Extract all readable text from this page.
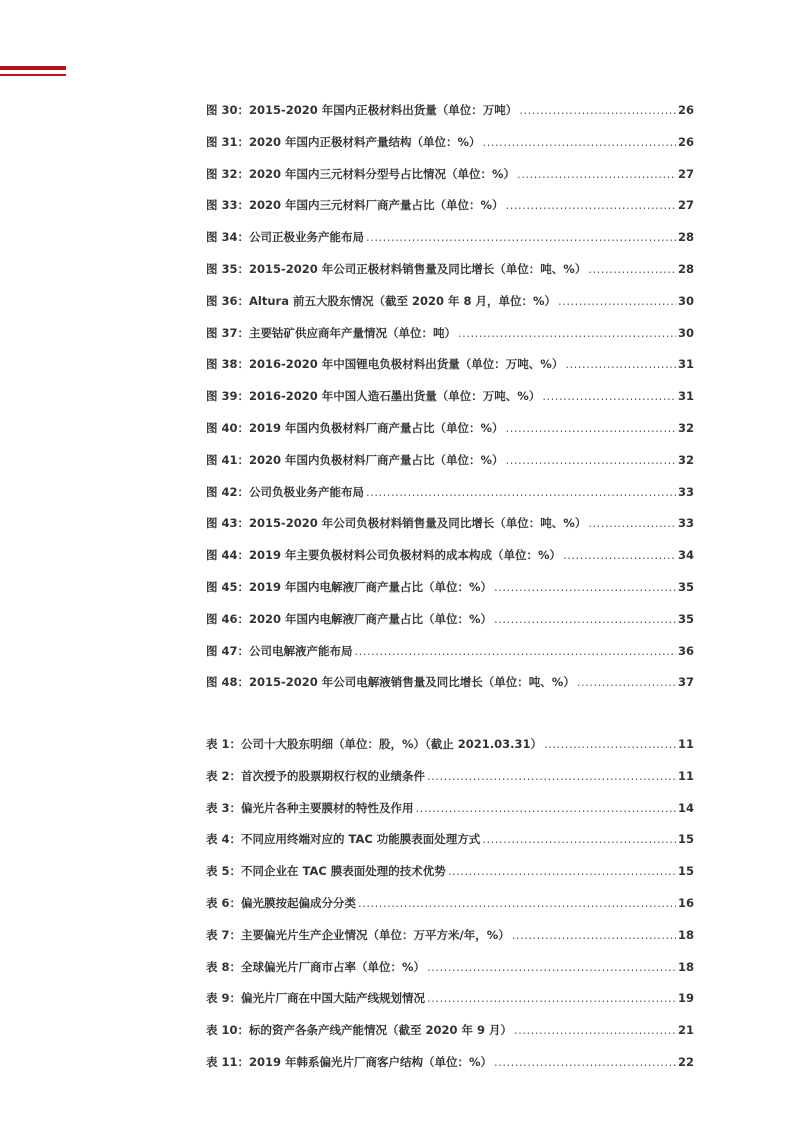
图 30：2015-2020 年国内正极材料出货量（单位：万吨） .....	26
图 31：2020 年国内正极材料产量结构（单位：%） .....	26
图 32：2020 年国内三元材料分型号占比情况（单位：%） .....	27
图 33：2020 年国内三元材料厂商产量占比（单位：%） .....	27
图 34：公司正极业务产能布局 .....	28
图 35：2015-2020 年公司正极材料销售量及同比增长（单位：吨、%） .....	28
图 36：Altura 前五大股东情况（截至 2020 年 8 月，单位：%） .....	30
图 37：主要钴矿供应商年产量情况（单位：吨） .....	30
图 38：2016-2020 年中国锂电负极材料出货量（单位：万吨、%） .....	31
图 39：2016-2020 年中国人造石墨出货量（单位：万吨、%） .....	31
图 40：2019 年国内负极材料厂商产量占比（单位：%） .....	32
图 41：2020 年国内负极材料厂商产量占比（单位：%） .....	32
图 42：公司负极业务产能布局 .....	33
图 43：2015-2020 年公司负极材料销售量及同比增长（单位：吨、%） .....	33
图 44：2019 年主要负极材料公司负极材料的成本构成（单位：%） .....	34
图 45：2019 年国内电解液厂商产量占比（单位：%） .....	35
图 46：2020 年国内电解液厂商产量占比（单位：%） .....	35
图 47：公司电解液产能布局 .....	36
图 48：2015-2020 年公司电解液销售量及同比增长（单位：吨、%） .....	37
表 1：公司十大股东明细（单位：股，%）（截止 2021.03.31） .....	11
表 2：首次授予的股票期权行权的业绩条件 .....	11
表 3：偏光片各种主要膜材的特性及作用 .....	14
表 4：不同应用终端对应的 TAC 功能膜表面处理方式 .....	15
表 5：不同企业在 TAC 膜表面处理的技术优势 .....	15
表 6：偏光膜按起偏成分分类 .....	16
表 7：主要偏光片生产企业情况（单位：万平方米/年，%） .....	18
表 8：全球偏光片厂商市占率（单位：%） .....	18
表 9：偏光片厂商在中国大陆产线规划情况 .....	19
表 10：标的资产各条产线产能情况（截至 2020 年 9 月） .....	21
表 11：2019 年韩系偏光片厂商客户结构（单位：%） .....	22
